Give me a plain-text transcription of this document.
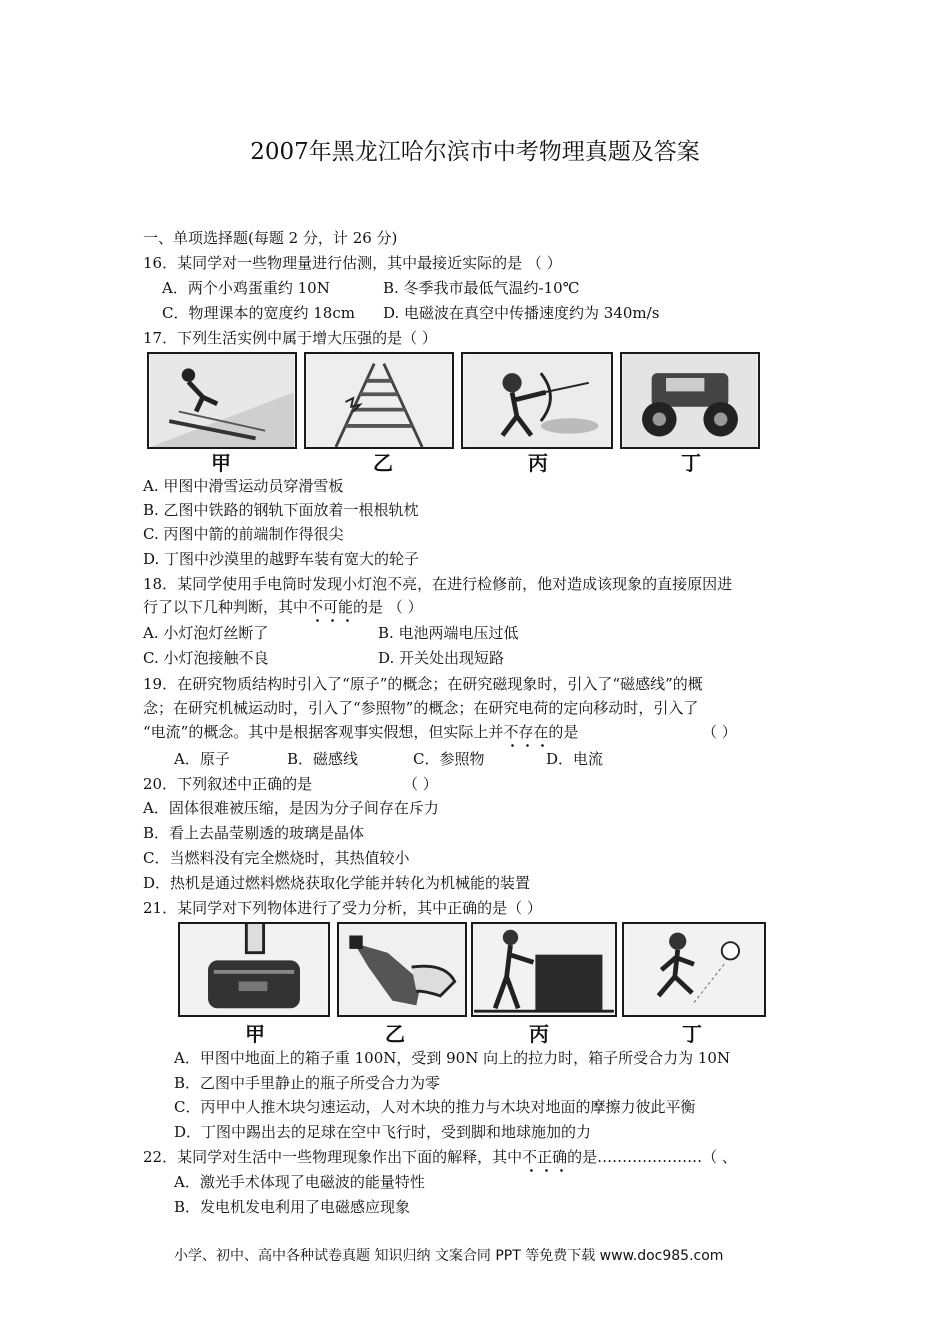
2007年黑龙江哈尔滨市中考物理真题及答案
一、单项选择题(每题 2 分，计 26 分)
16．某同学对一些物理量进行估测，其中最接近实际的是 （ ）
A．两个小鸡蛋重约 10N	B. 冬季我市最低气温约-10℃
C．物理课本的宽度约 18cm D. 电磁波在真空中传播速度约为 340m/s
17．下列生活实例中属于增大压强的是（ ）
甲	乙	丙	丁
A. 甲图中滑雪运动员穿滑雪板
B. 乙图中铁路的钢轨下面放着一根根轨枕
C. 丙图中箭的前端制作得很尖
D. 丁图中沙漠里的越野车装有宽大的轮子
18．某同学使用手电筒时发现小灯泡不亮，在进行检修前，他对造成该现象的直接原因进
行了以下几种判断，其中不可能的是 （ ）
A. 小灯泡灯丝断了	B. 电池两端电压过低
C. 小灯泡接触不良	D. 开关处出现短路
19．在研究物质结构时引入了“原子”的概念；在研究磁现象时，引入了“磁感线”的概
念；在研究机械运动时，引入了“参照物”的概念；在研究电荷的定向移动时，引入了
“电流”的概念。其中是根据客观事实假想，但实际上并不存在的是	（ ）
A．原子	B．磁感线	C．参照物	D．电流
20．下列叙述中正确的是	（ ）
A．固体很难被压缩，是因为分子间存在斥力
B．看上去晶莹剔透的玻璃是晶体
C．当燃料没有完全燃烧时，其热值较小
D．热机是通过燃料燃烧获取化学能并转化为机械能的装置
21．某同学对下列物体进行了受力分析，其中正确的是（ ）
甲	乙	丙	丁
A．甲图中地面上的箱子重 100N，受到 90N 向上的拉力时，箱子所受合力为 10N
B．乙图中手里静止的瓶子所受合力为零
C．丙甲中人推木块匀速运动，人对木块的推力与木块对地面的摩擦力彼此平衡
D．丁图中踢出去的足球在空中飞行时，受到脚和地球施加的力
22．某同学对生活中一些物理现象作出下面的解释，其中不正确的是…………………（ 、
A．激光手术体现了电磁波的能量特性
B．发电机发电利用了电磁感应现象
小学、初中、高中各种试卷真题 知识归纳 文案合同 PPT 等免费下载 www.doc985.com
